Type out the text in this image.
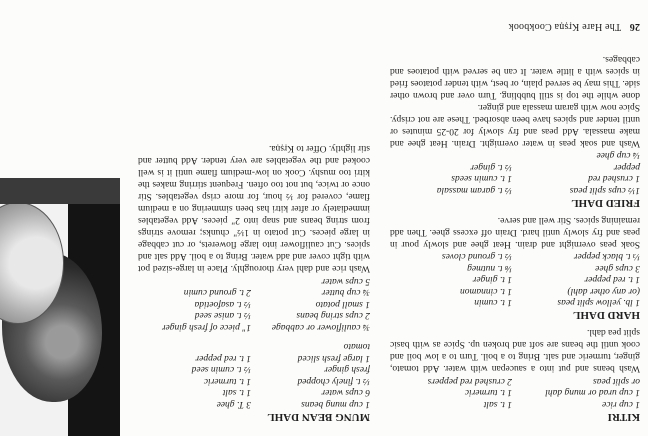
26 The Hare Kṛṣṇa Cookbook
KITRI
1 cup rice
1 t. salt
1 cup urad or mung dahl
1 t. turmeric
or split peas
2 crushed red peppers

Wash beans and put into a saucepan with water. Add tomato, ginger, turmeric and salt. Bring to a boil. Turn to a low boil and cook until the beans are soft and broken up. Spice as with basic split pea dahl.

HARD DAHL
1 lb. yellow split peas
1 t. cumin
(or any other dahl)
1 t. cinnamon
1 t. red pepper
1 t. ginger
3 cups ghee
⅛ t. nutmeg
⅓ t. black pepper
½ t. ground cloves

Soak peas overnight and drain. Heat ghee and slowly pour in peas and fry slowly until hard. Drain off excess ghee. Then add remaining spices. Stir well and serve.

FRIED DAHL
1½ cups split peas
½ t. garam massala
1 crushed red
1 t. cumin seeds
pepper
½ t. ginger
¼ cup ghee

Wash and soak peas in water overnight. Drain. Heat ghee and make massala. Add peas and fry slowly for 20-25 minutes or until tender and spices have been absorbed. These are not crispy. Spice now with garam massala and ginger.

done while the top is still bubbling. Turn over and brown other side. This may be served plain, or best, with tender potatoes fried in spices with a little water. It can be served with potatoes and cabbages.

MUNG BEAN DAHL
1 cup mung beans
3 T. ghee
6 cups water
1 t. salt
½ t. finely chopped
1 t. turmeric
fresh ginger
½ t. cumin seed
1 large fresh sliced
1 t. red pepper
tomato
¾ cauliflower or cabbage
1" piece of fresh ginger
2 cups string beans
½ t. anise seed
1 small potato
½ t. asafoetida
¾ cup butter
2 t. ground cumin
5 cups water

Wash rice and dahl very thoroughly. Place in large-sized pot with tight cover and add water. Bring to a boil. Add salt and spices. Cut cauliflower into large flowerets, or cut cabbage in large pieces. Cut potato in 1½" chunks; remove strings from string beans and snap into 2" pieces. Add vegetables immediately or after kitri has been simmering on a medium flame, covered for ½ hour, for more crisp vegetables. Stir once or twice, but not too often. Frequent stirring makes the kitri too mushy. Cook on low-medium flame until it is well cooked and the vegetables are very tender. Add butter and stir lightly. Offer to Kṛṣṇa.
